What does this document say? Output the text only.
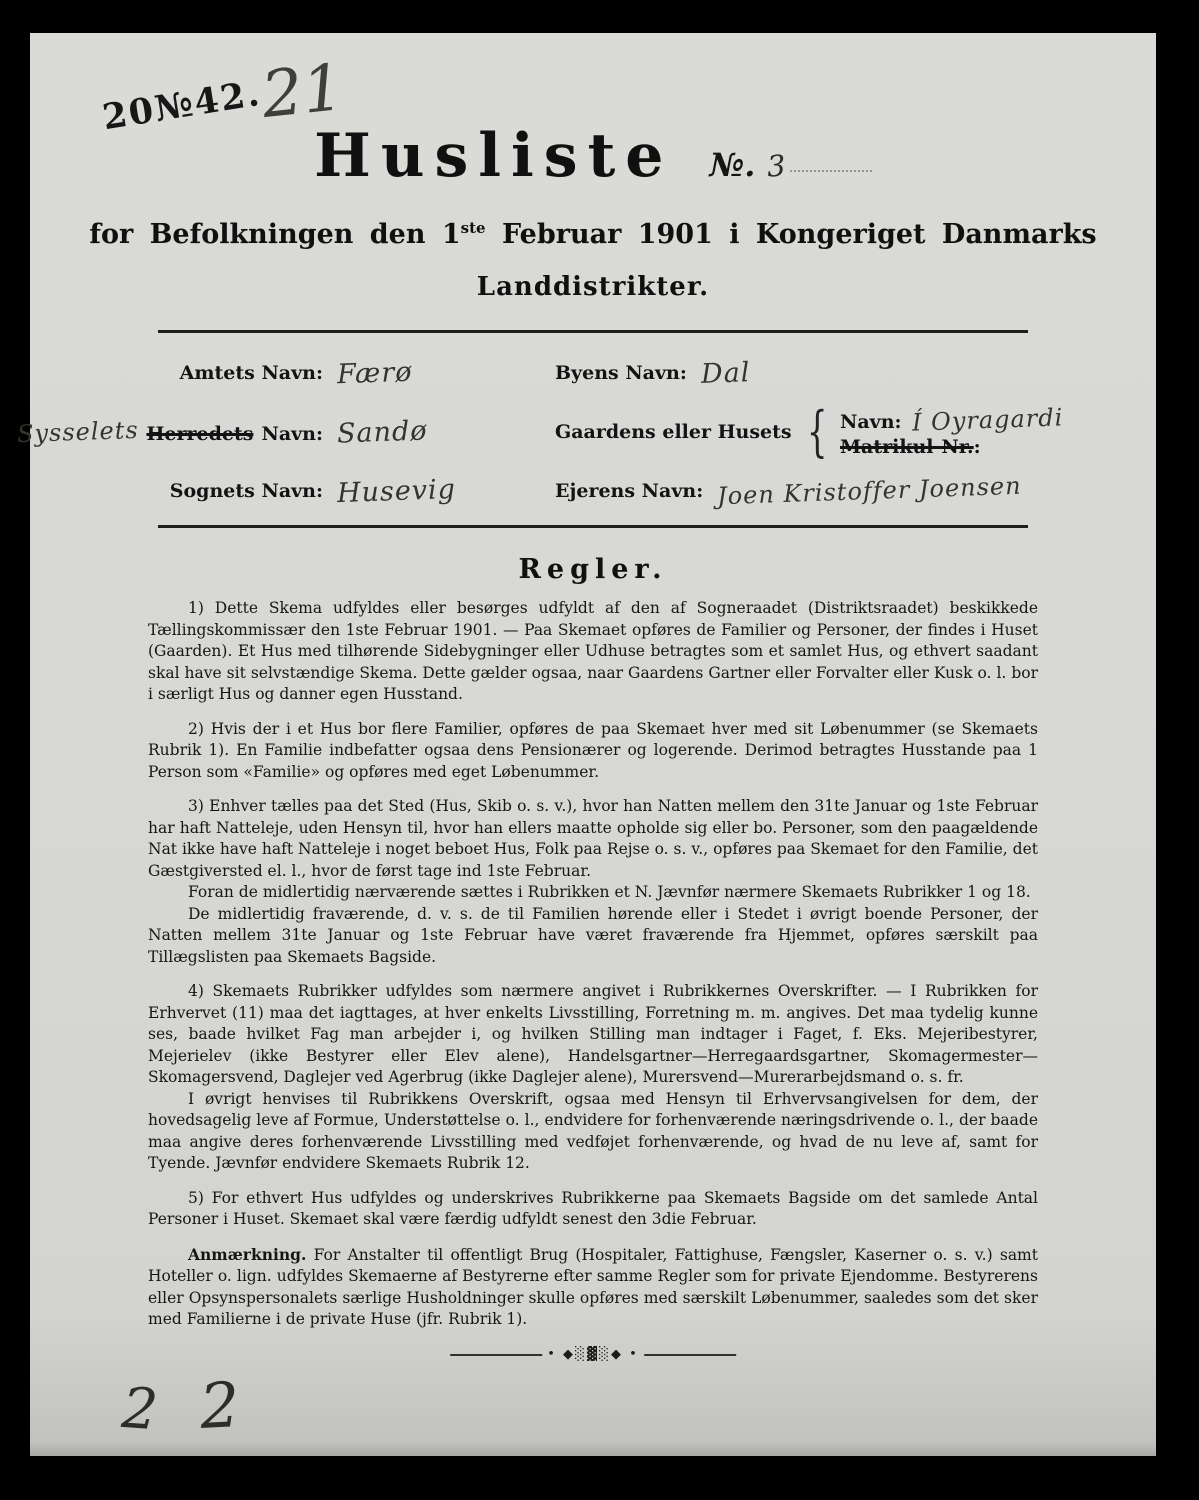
20№42.
21
Husliste №. 3
for Befolkningen den 1ste Februar 1901 i Kongeriget Danmarks
Landdistrikter.
Amtets Navn: Færø
Sysselets Herredets Navn: Sandø
Sognets Navn: Husevig
Byens Navn: Dal
Gaardens eller Husets { Navn: Í Oyragardi
Matrikul-Nr. :
Ejerens Navn: Joen Kristoffer Joensen
Regler.

1) Dette Skema udfyldes eller besørges udfyldt af den af Sogneraadet (Distriktsraadet) beskikkede Tællingskommissær den 1ste Februar 1901. — Paa Skemaet opføres de Familier og Personer, der findes i Huset (Gaarden). Et Hus med tilhørende Sidebygninger eller Udhuse betragtes som et samlet Hus, og ethvert saadant skal have sit selvstændige Skema. Dette gælder ogsaa, naar Gaardens Gartner eller Forvalter eller Kusk o. l. bor i særligt Hus og danner egen Husstand.

2) Hvis der i et Hus bor flere Familier, opføres de paa Skemaet hver med sit Løbenummer (se Skemaets Rubrik 1). En Familie indbefatter ogsaa dens Pensionærer og logerende. Derimod betragtes Husstande paa 1 Person som «Familie» og opføres med eget Løbenummer.

3) Enhver tælles paa det Sted (Hus, Skib o. s. v.), hvor han Natten mellem den 31te Januar og 1ste Februar har haft Natteleje, uden Hensyn til, hvor han ellers maatte opholde sig eller bo. Personer, som den paagældende Nat ikke have haft Natteleje i noget beboet Hus, Folk paa Rejse o. s. v., opføres paa Skemaet for den Familie, det Gæstgiversted el. l., hvor de først tage ind 1ste Februar.

Foran de midlertidig nærværende sættes i Rubrikken et N. Jævnfør nærmere Skemaets Rubrikker 1 og 18.

De midlertidig fraværende, d. v. s. de til Familien hørende eller i Stedet i øvrigt boende Personer, der Natten mellem 31te Januar og 1ste Februar have været fraværende fra Hjemmet, opføres særskilt paa Tillægslisten paa Skemaets Bagside.

4) Skemaets Rubrikker udfyldes som nærmere angivet i Rubrikkernes Overskrifter. — I Rubrikken for Erhvervet (11) maa det iagttages, at hver enkelts Livsstilling, Forretning m. m. angives. Det maa tydelig kunne ses, baade hvilket Fag man arbejder i, og hvilken Stilling man indtager i Faget, f. Eks. Mejeribestyrer, Mejerielev (ikke Bestyrer eller Elev alene), Handelsgartner—Herregaardsgartner, Skomagermester—Skomagersvend, Daglejer ved Agerbrug (ikke Daglejer alene), Murersvend—Murerarbejdsmand o. s. fr.

I øvrigt henvises til Rubrikkens Overskrift, ogsaa med Hensyn til Erhvervsangivelsen for dem, der hovedsagelig leve af Formue, Understøttelse o. l., endvidere for forhenværende næringsdrivende o. l., der baade maa angive deres forhenværende Livsstilling med vedføjet forhenværende, og hvad de nu leve af, samt for Tyende. Jævnfør endvidere Skemaets Rubrik 12.

5) For ethvert Hus udfyldes og underskrives Rubrikkerne paa Skemaets Bagside om det samlede Antal Personer i Huset. Skemaet skal være færdig udfyldt senest den 3die Februar.

Anmærkning. For Anstalter til offentligt Brug (Hospitaler, Fattighuse, Fængsler, Kaserner o. s. v.) samt Hoteller o. lign. udfyldes Skemaerne af Bestyrerne efter samme Regler som for private Ejendomme. Bestyrerens eller Opsynspersonalets særlige Husholdninger skulle opføres med særskilt Løbenummer, saaledes som det sker med Familierne i de private Huse (jfr. Rubrik 1).

• ◆░▓░◆ •
2 2
